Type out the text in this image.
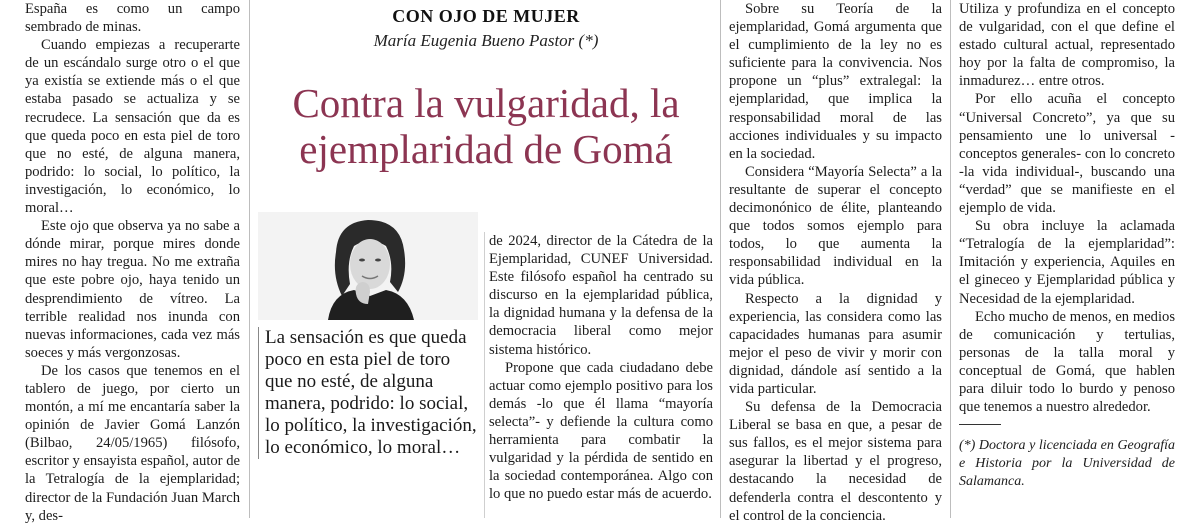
España es como un campo sembrado de minas.

Cuando empiezas a recuperarte de un escándalo surge otro o el que ya existía se extiende más o el que estaba pasado se actualiza y se recrudece. La sensación que da es que queda poco en esta piel de toro que no esté, de alguna manera, podrido: lo social, lo político, la investigación, lo económico, lo moral…

Este ojo que observa ya no sabe a dónde mirar, porque mires donde mires no hay tregua. No me extraña que este pobre ojo, haya tenido un desprendimiento de vítreo. La terrible realidad nos inunda con nuevas informaciones, cada vez más soeces y más vergonzosas.

De los casos que tenemos en el tablero de juego, por cierto un montón, a mí me encantaría saber la opinión de Javier Gomá Lanzón (Bilbao, 24/05/1965) filósofo, escritor y ensayista español, autor de la Tetralogía de la ejemplaridad; director de la Fundación Juan March y, des-

CON OJO DE MUJER
María Eugenia Bueno Pastor (*)
Contra la vulgaridad, la ejemplaridad de Gomá
La sensación es que queda poco en esta piel de toro que no esté, de alguna manera, podrido: lo social, lo político, la investigación, lo económico, lo moral…

de 2024, director de la Cátedra de la Ejemplaridad, CUNEF Universidad. Este filósofo español ha centrado su discurso en la ejemplaridad pública, la dignidad humana y la defensa de la democracia liberal como mejor sistema histórico.

Propone que cada ciudadano debe actuar como ejemplo positivo para los demás -lo que él llama “mayoría selecta”- y defiende la cultura como herramienta para combatir la vulgaridad y la pérdida de sentido en la sociedad contemporánea. Algo con lo que no puedo estar más de acuerdo.

Sobre su Teoría de la ejemplaridad, Gomá argumenta que el cumplimiento de la ley no es suficiente para la convivencia. Nos propone un “plus” extralegal: la ejemplaridad, que implica la responsabilidad moral de las acciones individuales y su impacto en la sociedad.

Considera “Mayoría Selecta” a la resultante de superar el concepto decimonónico de élite, planteando que todos somos ejemplo para todos, lo que aumenta la responsabilidad individual en la vida pública.

Respecto a la dignidad y experiencia, las considera como las capacidades humanas para asumir mejor el peso de vivir y morir con dignidad, dándole así sentido a la vida particular.

Su defensa de la Democracia Liberal se basa en que, a pesar de sus fallos, es el mejor sistema para asegurar la libertad y el progreso, destacando la necesidad de defenderla contra el descontento y el control de la conciencia.

Utiliza y profundiza en el concepto de vulgaridad, con el que define el estado cultural actual, representado hoy por la falta de compromiso, la inmadurez… entre otros.

Por ello acuña el concepto “Universal Concreto”, ya que su pensamiento une lo universal -conceptos generales- con lo concreto -la vida individual-, buscando una “verdad” que se manifieste en el ejemplo de vida.

Su obra incluye la aclamada “Tetralogía de la ejemplaridad”: Imitación y experiencia, Aquiles en el gineceo y Ejemplaridad pública y Necesidad de la ejemplaridad.

Echo mucho de menos, en medios de comunicación y tertulias, personas de la talla moral y conceptual de Gomá, que hablen para diluir todo lo burdo y penoso que tenemos a nuestro alrededor.

(*) Doctora y licenciada en Geografía e Historia por la Universidad de Salamanca.
